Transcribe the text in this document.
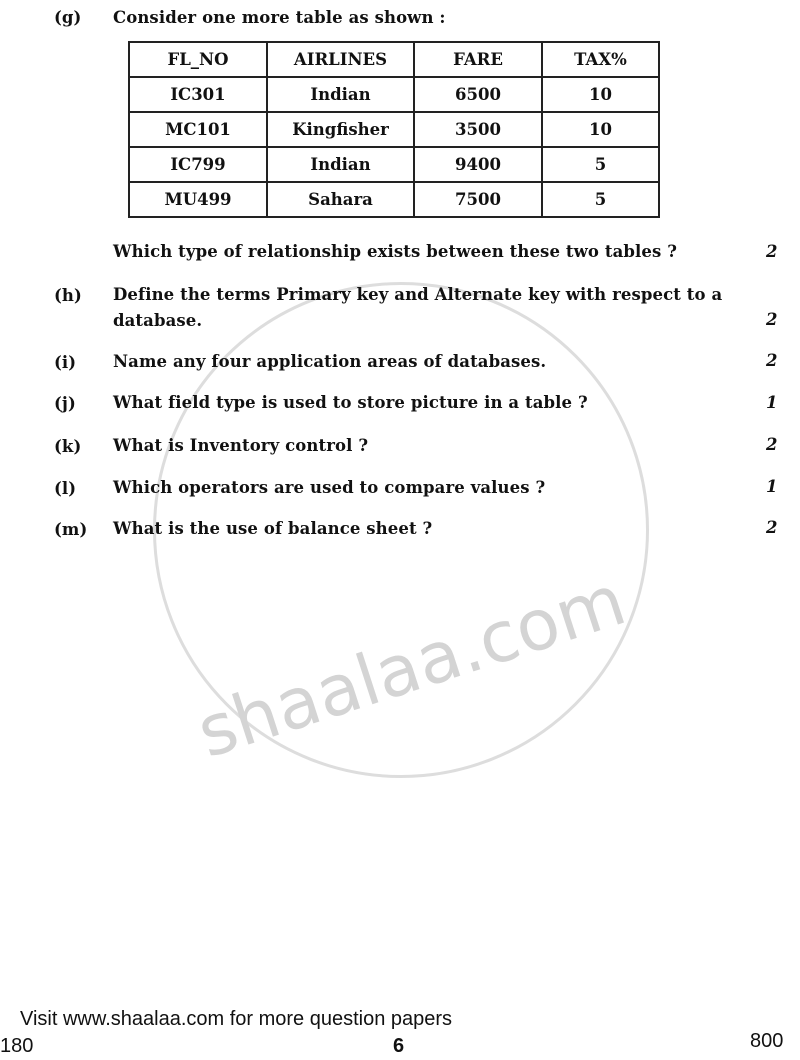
shaalaa.com
(g) Consider one more table as shown :
FL_NO	AIRLINES	FARE	TAX%
IC301	Indian	6500	10
MC101	Kingfisher	3500	10
IC799	Indian	9400	5
MU499	Sahara	7500	5
Which type of relationship exists between these two tables ?	2
(h) Define the terms Primary key and Alternate key with respect to a database.	2
(i) Name any four application areas of databases.	2
(j) What field type is used to store picture in a table ?	1
(k) What is Inventory control ?	2
(l) Which operators are used to compare values ?	1
(m) What is the use of balance sheet ?	2
Visit www.shaalaa.com for more question papers
180	6	800
